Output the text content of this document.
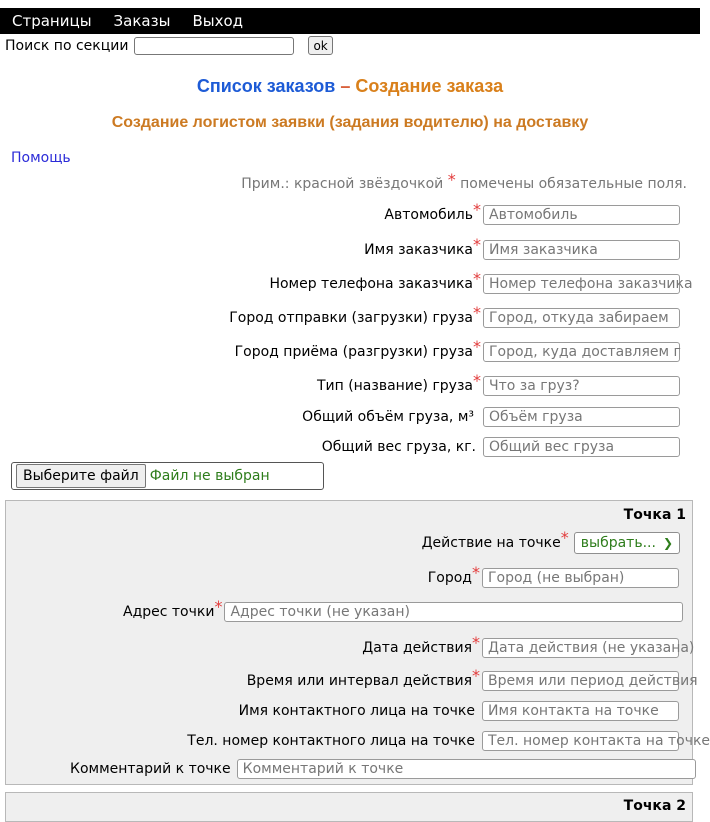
Страницы Заказы Выход
Поиск по секции	ok
Список заказов – Создание заказа
Создание логистом заявки (задания водителю) на доставку
Помощь
Прим.: красной звёздочкой * помечены обязательные поля.
Автомобиль * Автомобиль
Имя заказчика * Имя заказчика
Номер телефона заказчика * Номер телефона заказчика
Город отправки (загрузки) груза * Город, откуда забираем
Город приёма (разгрузки) груза * Город, куда доставляем г
Тип (название) груза * Что за груз?
Общий объём груза, м³	Объём груза
Общий вес груза, кг. Общий вес груза
Выберите файл Файл не выбран
Точка 1
Действие на точке * выбрать... ❯
Город * Город (не выбран)
Адрес точки * Адрес точки (не указан)
Дата действия * Дата действия (не указана)
Время или интервал действия * Время или период действия
Имя контактного лица на точке Имя контакта на точке
Тел. номер контактного лица на точке Тел. номер контакта на точке
Комментарий к точке Комментарий к точке
Точка 2
